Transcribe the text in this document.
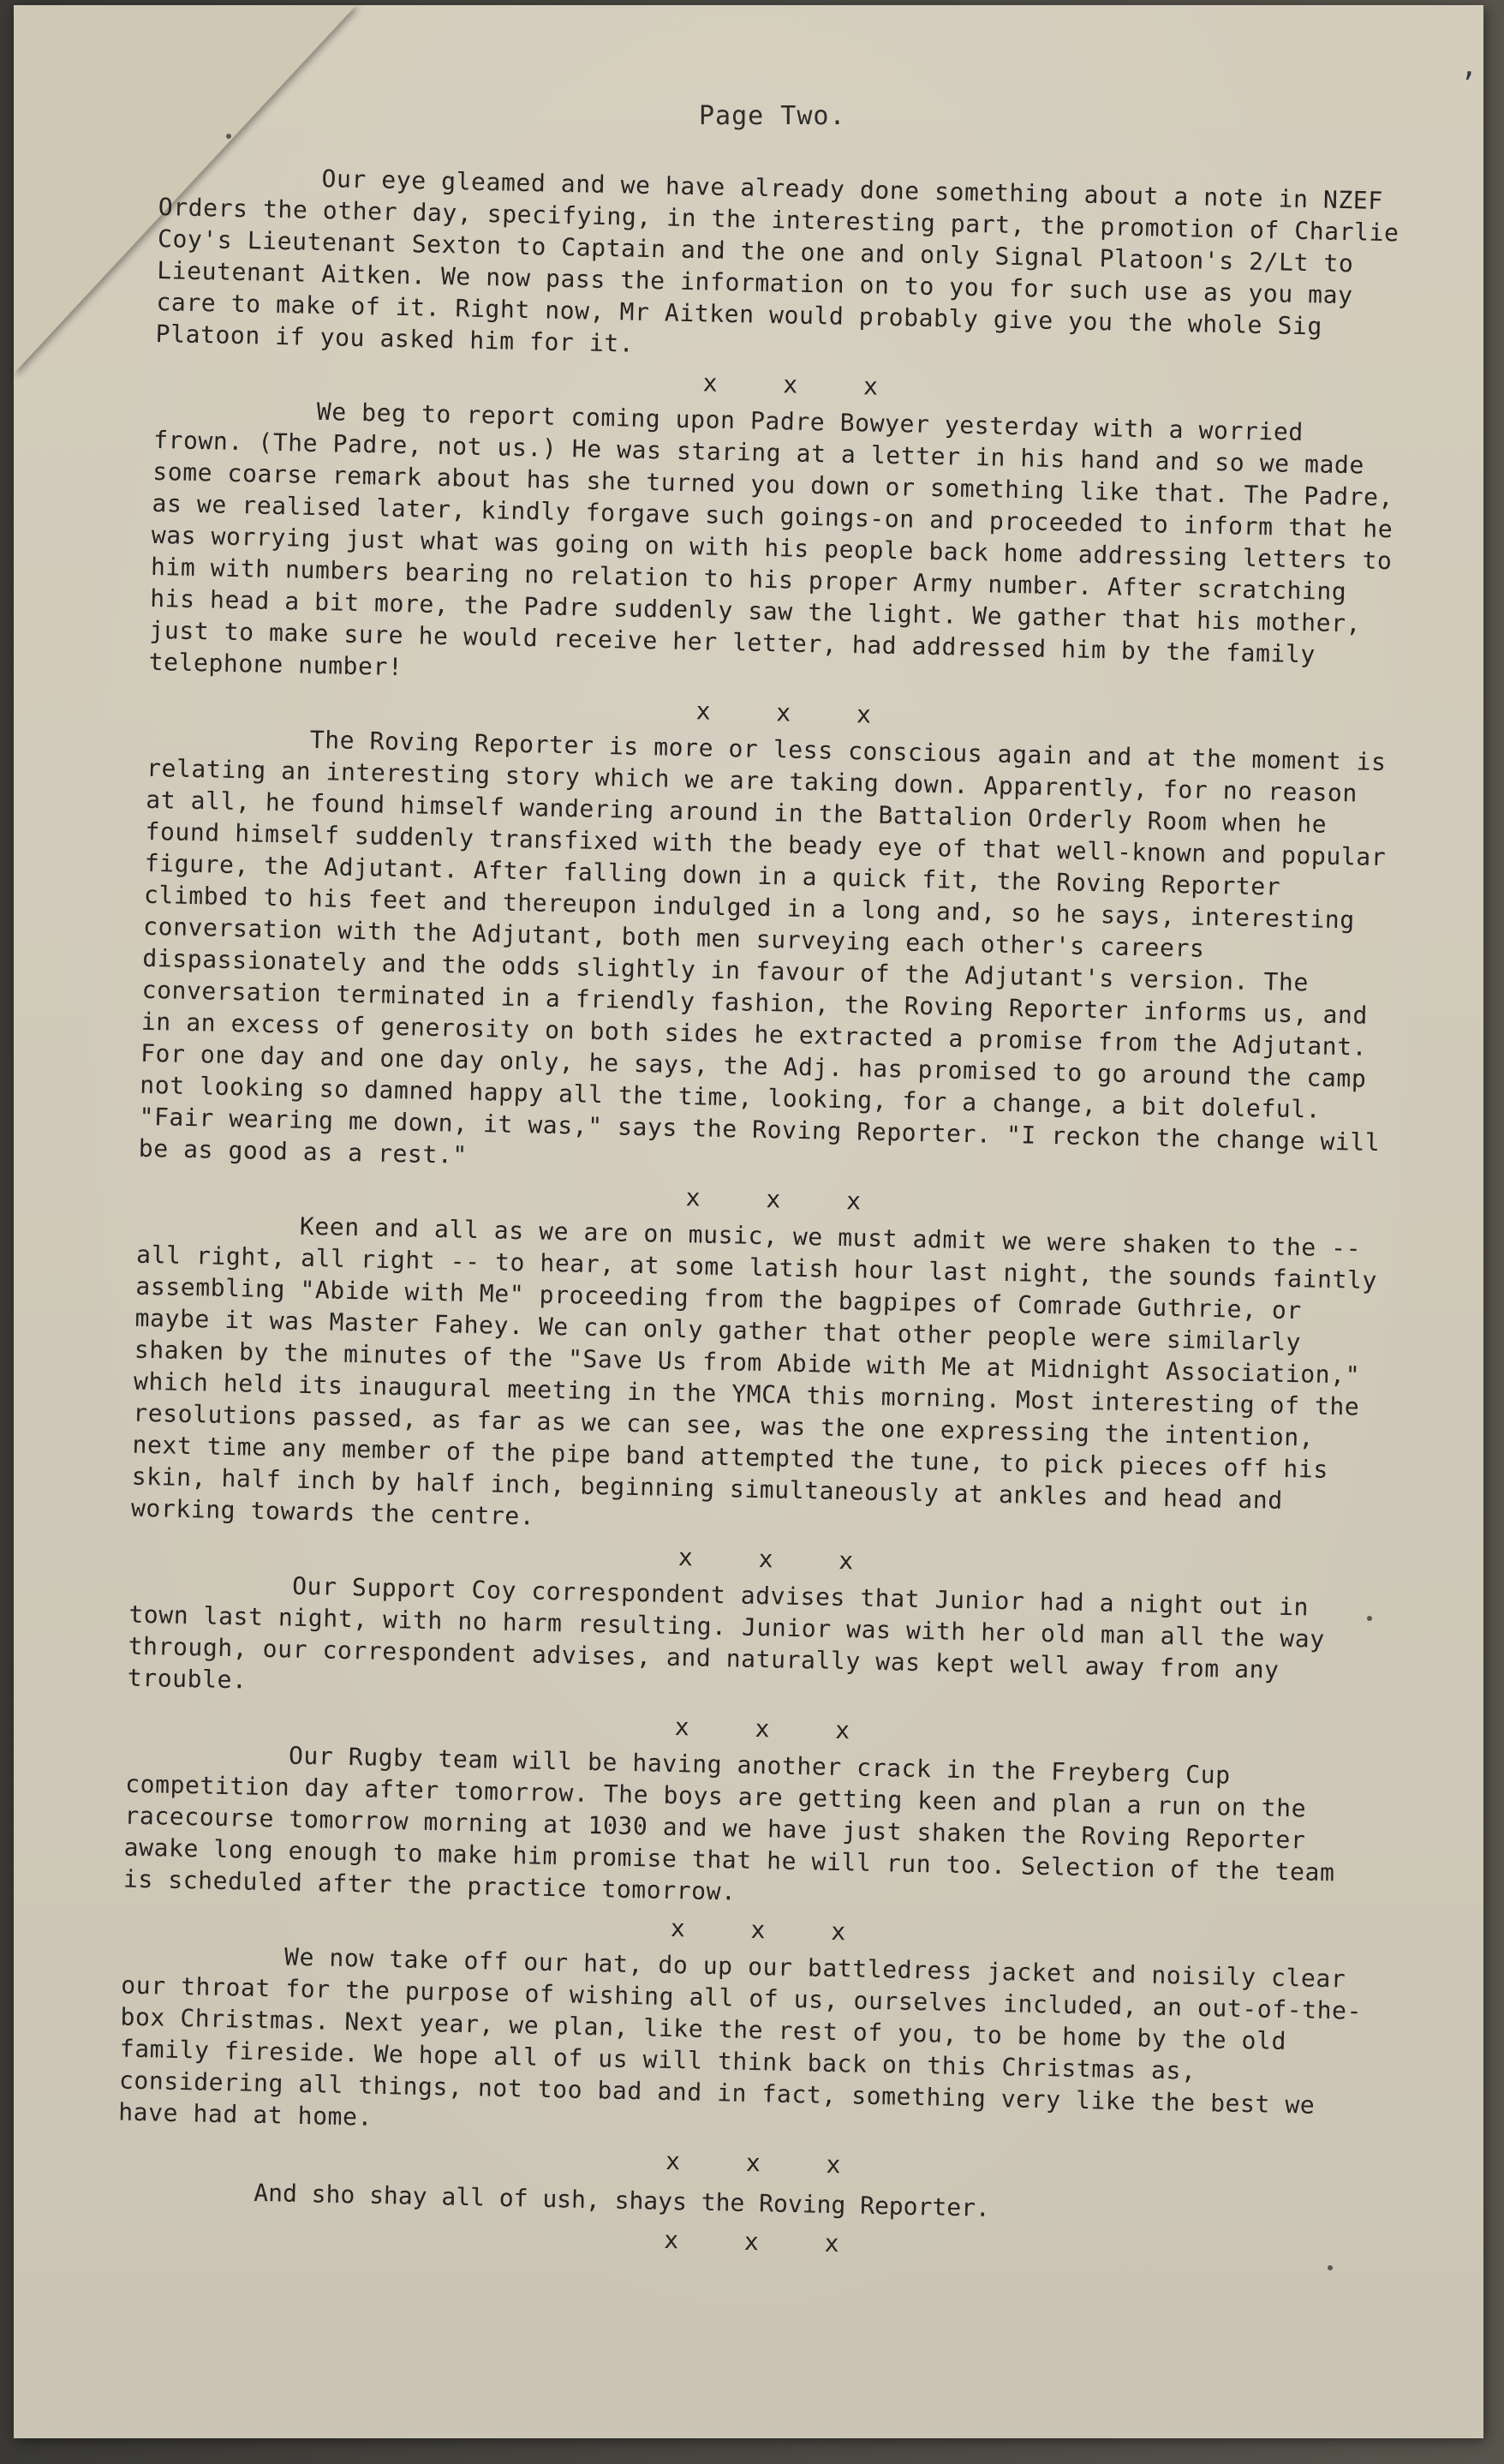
Page Two.

Our eye gleamed and we have already done something about a note in NZEF Orders the other day, specifying, in the interesting part, the promotion of Charlie Coy's Lieutenant Sexton to Captain and the one and only Signal Platoon's 2/Lt to Lieutenant Aitken. We now pass the information on to you for such use as you may care to make of it. Right now, Mr Aitken would probably give you the whole Sig Platoon if you asked him for it.

x x x

We beg to report coming upon Padre Bowyer yesterday with a worried frown. (The Padre, not us.) He was staring at a letter in his hand and so we made some coarse remark about has she turned you down or something like that. The Padre, as we realised later, kindly forgave such goings-on and proceeded to inform that he was worrying just what was going on with his people back home addressing letters to him with numbers bearing no relation to his proper Army number. After scratching his head a bit more, the Padre suddenly saw the light. We gather that his mother, just to make sure he would receive her letter, had addressed him by the family telephone number!

x x x

The Roving Reporter is more or less conscious again and at the moment is relating an interesting story which we are taking down. Apparently, for no reason at all, he found himself wandering around in the Battalion Orderly Room when he found himself suddenly transfixed with the beady eye of that well-known and popular figure, the Adjutant. After falling down in a quick fit, the Roving Reporter climbed to his feet and thereupon indulged in a long and, so he says, interesting conversation with the Adjutant, both men surveying each other's careers dispassionately and the odds slightly in favour of the Adjutant's version. The conversation terminated in a friendly fashion, the Roving Reporter informs us, and in an excess of generosity on both sides he extracted a promise from the Adjutant. For one day and one day only, he says, the Adj. has promised to go around the camp not looking so damned happy all the time, looking, for a change, a bit doleful. "Fair wearing me down, it was," says the Roving Reporter. "I reckon the change will be as good as a rest."

x x x

Keen and all as we are on music, we must admit we were shaken to the -- all right, all right -- to hear, at some latish hour last night, the sounds faintly assembling "Abide with Me" proceeding from the bagpipes of Comrade Guthrie, or maybe it was Master Fahey. We can only gather that other people were similarly shaken by the minutes of the "Save Us from Abide with Me at Midnight Association," which held its inaugural meeting in the YMCA this morning. Most interesting of the resolutions passed, as far as we can see, was the one expressing the intention, next time any member of the pipe band attempted the tune, to pick pieces off his skin, half inch by half inch, beginning simultaneously at ankles and head and working towards the centre.

x x x

Our Support Coy correspondent advises that Junior had a night out in town last night, with no harm resulting. Junior was with her old man all the way through, our correspondent advises, and naturally was kept well away from any trouble.

x x x

Our Rugby team will be having another crack in the Freyberg Cup competition day after tomorrow. The boys are getting keen and plan a run on the racecourse tomorrow morning at 1030 and we have just shaken the Roving Reporter awake long enough to make him promise that he will run too. Selection of the team is scheduled after the practice tomorrow.

x x x

We now take off our hat, do up our battledress jacket and noisily clear our throat for the purpose of wishing all of us, ourselves included, an out-of-the-box Christmas. Next year, we plan, like the rest of you, to be home by the old family fireside. We hope all of us will think back on this Christmas as, considering all things, not too bad and in fact, something very like the best we have had at home.

x x x
And sho shay all of ush, shays the Roving Reporter.
x x x
ʼ
